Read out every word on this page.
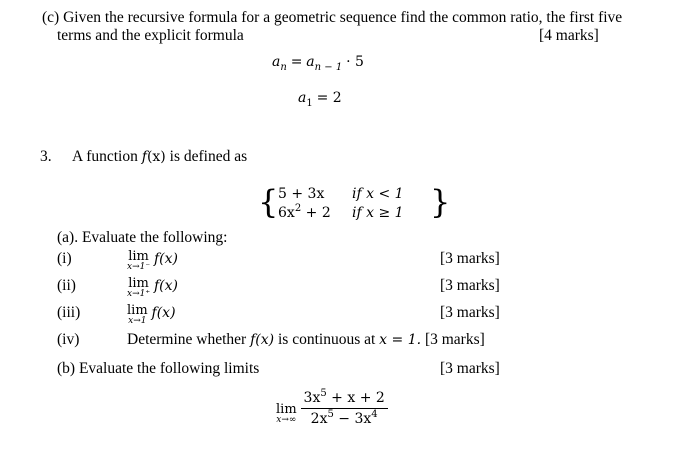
(c) Given the recursive formula for a geometric sequence find the common ratio, the first five
terms and the explicit formula	[4 marks]
$a_n = a_{n - 1} \cdot 5$
$a_1 = 2$
3. A function f(x) is defined as
{ 5 + 3x if x < 1
$6x^2 + 2$ if x ≥ 1 }
(a). Evaluate the following:
(i)	lim
x→1⁻ f(x)	[3 marks]
(ii)	lim
x→1⁺ f(x)	[3 marks]
(iii)	lim
x→1 f(x)	[3 marks]
(iv)	Determine whether f(x) is continuous at x = 1. [3 marks]
(b) Evaluate the following limits	[3 marks]
lim
x→∞
$\frac{3x^5 + x + 2}{2x^5 - 3x^4}$
